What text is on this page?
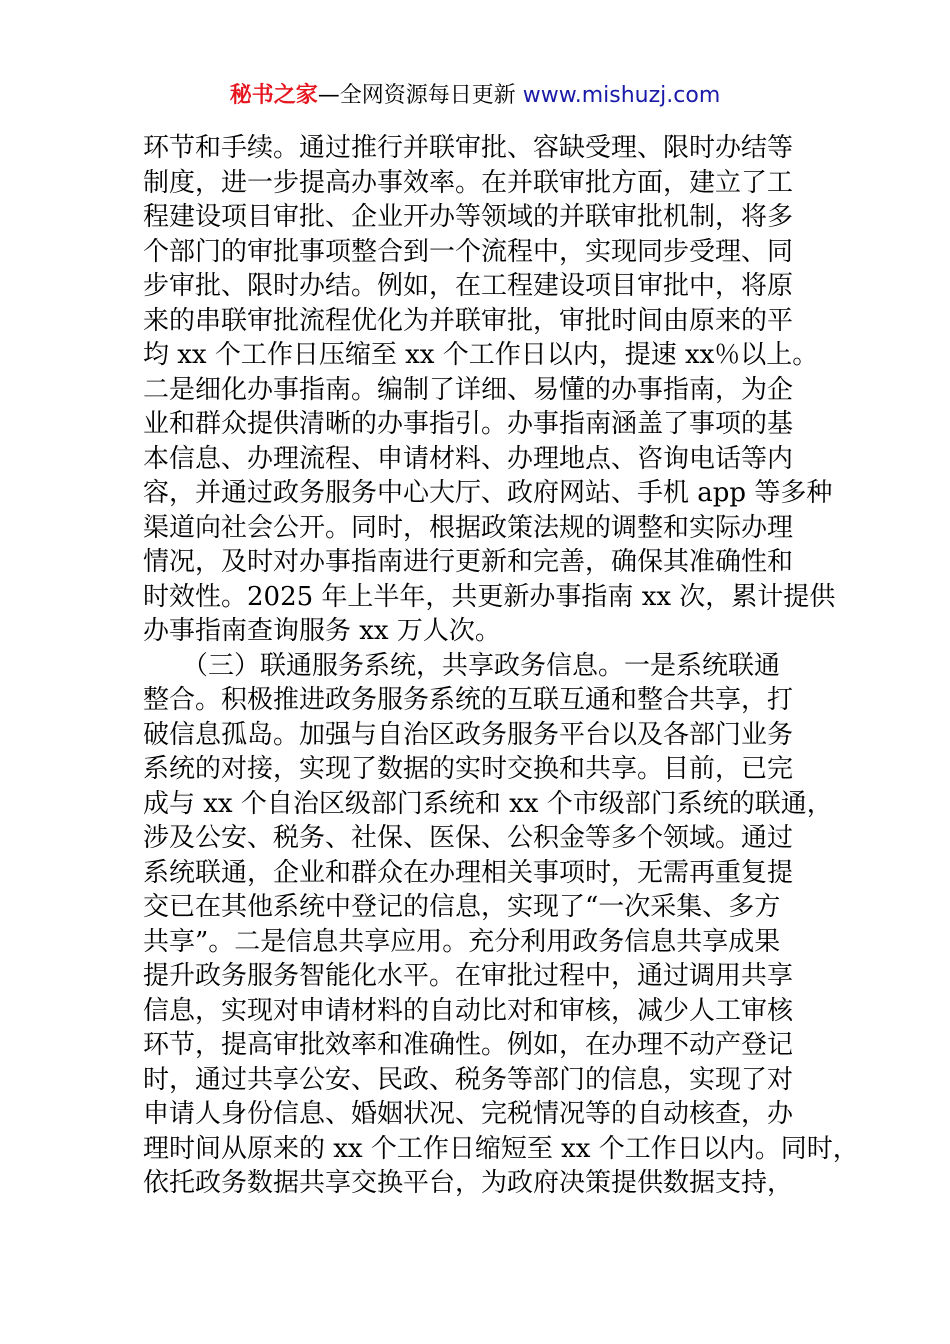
秘书之家—全网资源每日更新 www.mishuzj.com
环节和手续。通过推行并联审批、容缺受理、限时办结等
制度，进一步提高办事效率。在并联审批方面，建立了工
程建设项目审批、企业开办等领域的并联审批机制，将多
个部门的审批事项整合到一个流程中，实现同步受理、同
步审批、限时办结。例如，在工程建设项目审批中，将原
来的串联审批流程优化为并联审批，审批时间由原来的平
均 xx 个工作日压缩至 xx 个工作日以内，提速 xx％以上。
二是细化办事指南。编制了详细、易懂的办事指南，为企
业和群众提供清晰的办事指引。办事指南涵盖了事项的基
本信息、办理流程、申请材料、办理地点、咨询电话等内
容，并通过政务服务中心大厅、政府网站、手机 app 等多种
渠道向社会公开。同时，根据政策法规的调整和实际办理
情况，及时对办事指南进行更新和完善，确保其准确性和
时效性。2025 年上半年，共更新办事指南 xx 次，累计提供
办事指南查询服务 xx 万人次。
　　（三）联通服务系统，共享政务信息。一是系统联通
整合。积极推进政务服务系统的互联互通和整合共享，打
破信息孤岛。加强与自治区政务服务平台以及各部门业务
系统的对接，实现了数据的实时交换和共享。目前，已完
成与 xx 个自治区级部门系统和 xx 个市级部门系统的联通，
涉及公安、税务、社保、医保、公积金等多个领域。通过
系统联通，企业和群众在办理相关事项时，无需再重复提
交已在其他系统中登记的信息，实现了“一次采集、多方
共享”。二是信息共享应用。充分利用政务信息共享成果
提升政务服务智能化水平。在审批过程中，通过调用共享
信息，实现对申请材料的自动比对和审核，减少人工审核
环节，提高审批效率和准确性。例如，在办理不动产登记
时，通过共享公安、民政、税务等部门的信息，实现了对
申请人身份信息、婚姻状况、完税情况等的自动核查，办
理时间从原来的 xx 个工作日缩短至 xx 个工作日以内。同时，
依托政务数据共享交换平台，为政府决策提供数据支持，
